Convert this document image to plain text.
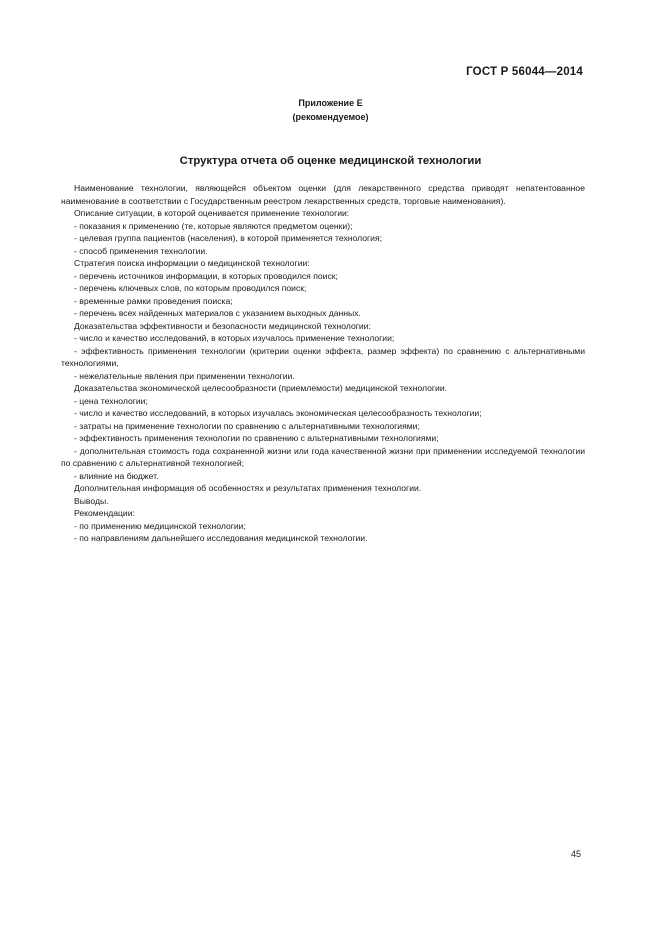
ГОСТ Р 56044—2014
Приложение Е
(рекомендуемое)
Структура отчета об оценке медицинской технологии

Наименование технологии, являющейся объектом оценки (для лекарственного средства приводят непатентованное наименование в соответствии с Государственным реестром лекарственных средств, торговые наименования).

Описание ситуации, в которой оценивается применение технологии:

- показания к применению (те, которые являются предметом оценки);

- целевая группа пациентов (населения), в которой применяется технология;

- способ применения технологии.

Стратегия поиска информации о медицинской технологии:

- перечень источников информации, в которых проводился поиск;

- перечень ключевых слов, по которым проводился поиск;

- временные рамки проведения поиска;

- перечень всех найденных материалов с указанием выходных данных.

Доказательства эффективности и безопасности медицинской технологии:

- число и качество исследований, в которых изучалось применение технологии;

- эффективность применения технологии (критерии оценки эффекта, размер эффекта) по сравнению с альтернативными технологиями,

- нежелательные явления при применении технологии.

Доказательства экономической целесообразности (приемлемости) медицинской технологии.

- цена технологии;

- число и качество исследований, в которых изучалась экономическая целесообразность технологии;

- затраты на применение технологии по сравнению с альтернативными технологиями;

- эффективность применения технологии по сравнению с альтернативными технологиями;

- дополнительная стоимость года сохраненной жизни или года качественной жизни при применении исследуемой технологии по сравнению с альтернативной технологией;

- влияние на бюджет.

Дополнительная информация об особенностях и результатах применения технологии.

Выводы.

Рекомендации:

- по применению медицинской технологии;

- по направлениям дальнейшего исследования медицинской технологии.

45
